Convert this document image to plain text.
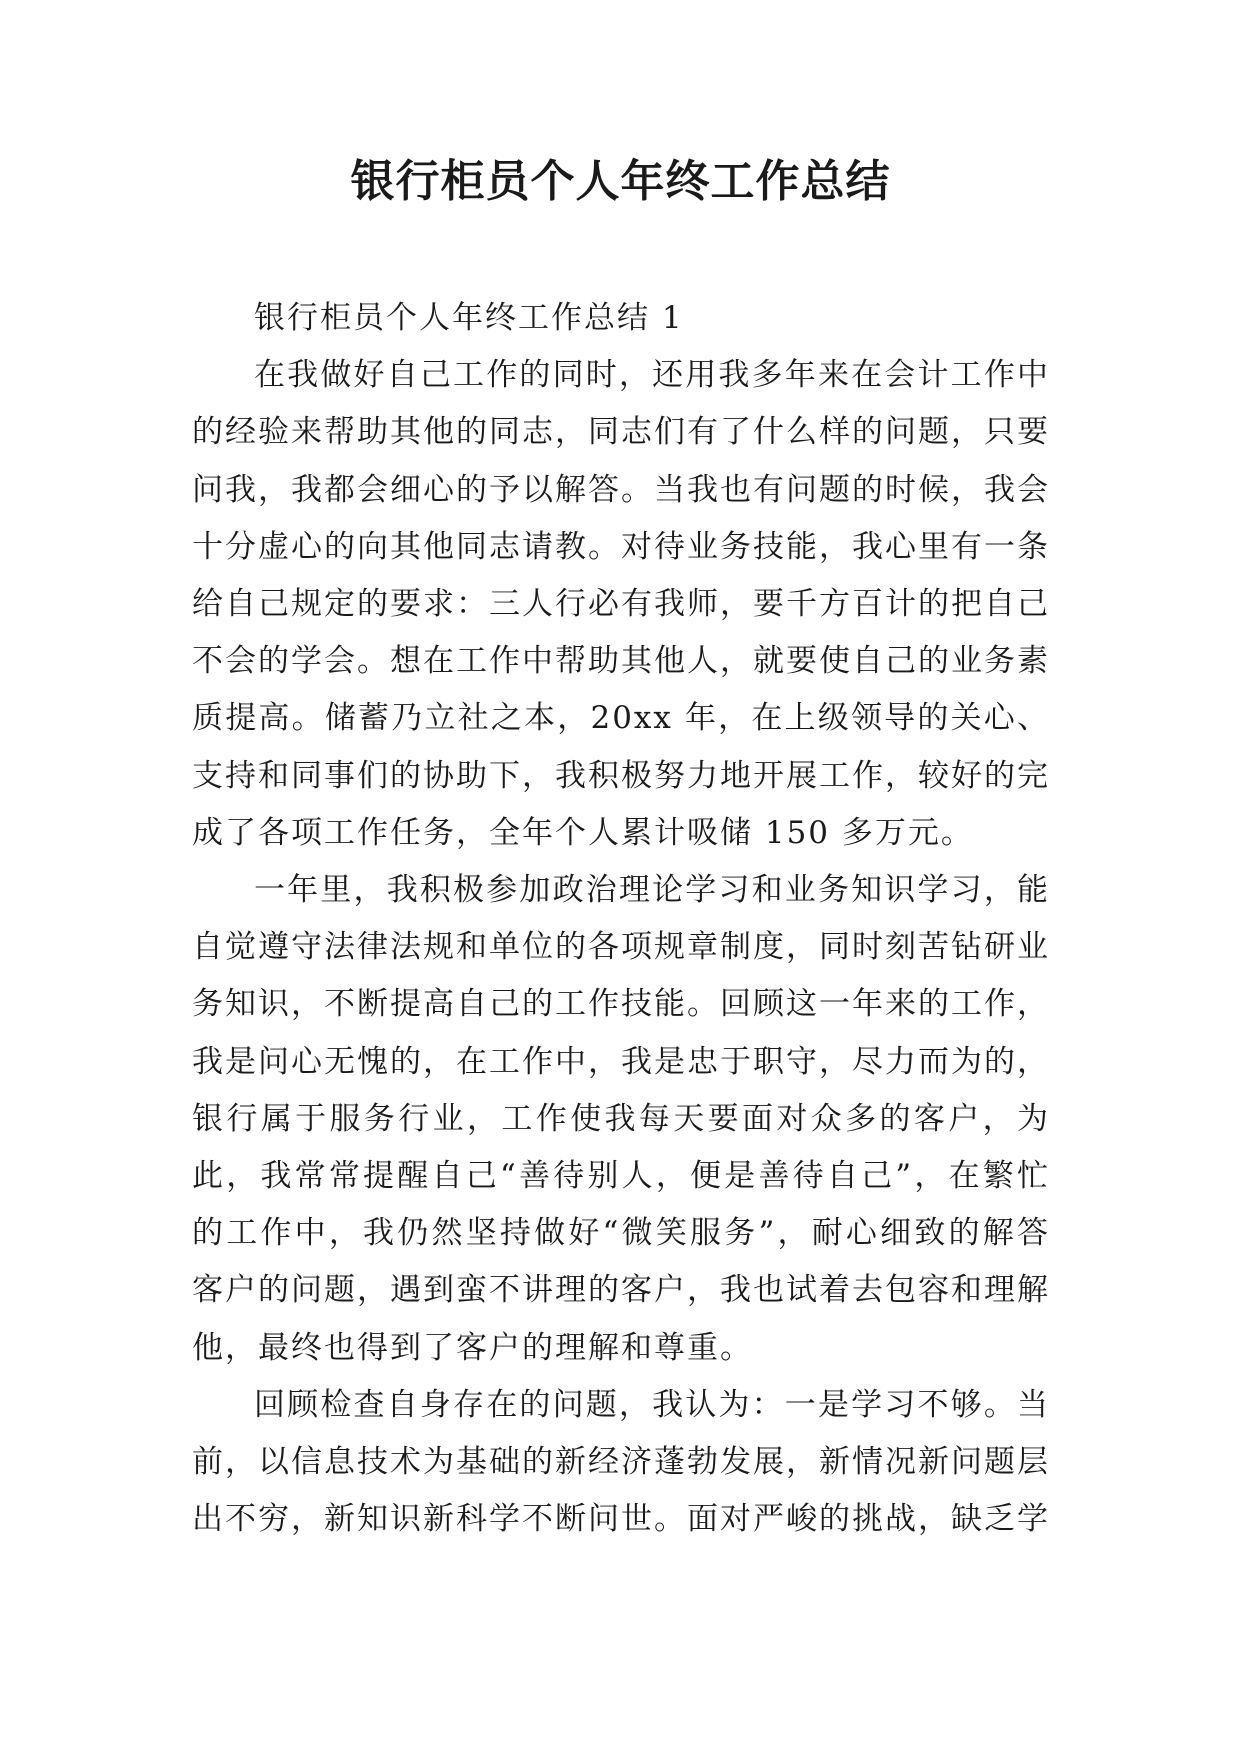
银行柜员个人年终工作总结

银行柜员个人年终工作总结 1

在我做好自己工作的同时，还用我多年来在会计工作中的经验来帮助其他的同志，同志们有了什么样的问题，只要问我，我都会细心的予以解答。当我也有问题的时候，我会十分虚心的向其他同志请教。对待业务技能，我心里有一条给自己规定的要求：三人行必有我师，要千方百计的把自己不会的学会。想在工作中帮助其他人，就要使自己的业务素质提高。储蓄乃立社之本，20xx 年，在上级领导的关心、支持和同事们的协助下，我积极努力地开展工作，较好的完成了各项工作任务，全年个人累计吸储 150 多万元。

一年里，我积极参加政治理论学习和业务知识学习，能自觉遵守法律法规和单位的各项规章制度，同时刻苦钻研业务知识，不断提高自己的工作技能。回顾这一年来的工作，我是问心无愧的，在工作中，我是忠于职守，尽力而为的，银行属于服务行业，工作使我每天要面对众多的客户，为此，我常常提醒自己“善待别人，便是善待自己”，在繁忙的工作中，我仍然坚持做好“微笑服务”，耐心细致的解答客户的问题，遇到蛮不讲理的客户，我也试着去包容和理解他，最终也得到了客户的理解和尊重。

回顾检查自身存在的问题，我认为：一是学习不够。当前，以信息技术为基础的新经济蓬勃发展，新情况新问题层出不穷，新知识新科学不断问世。面对严峻的挑战，缺乏学
